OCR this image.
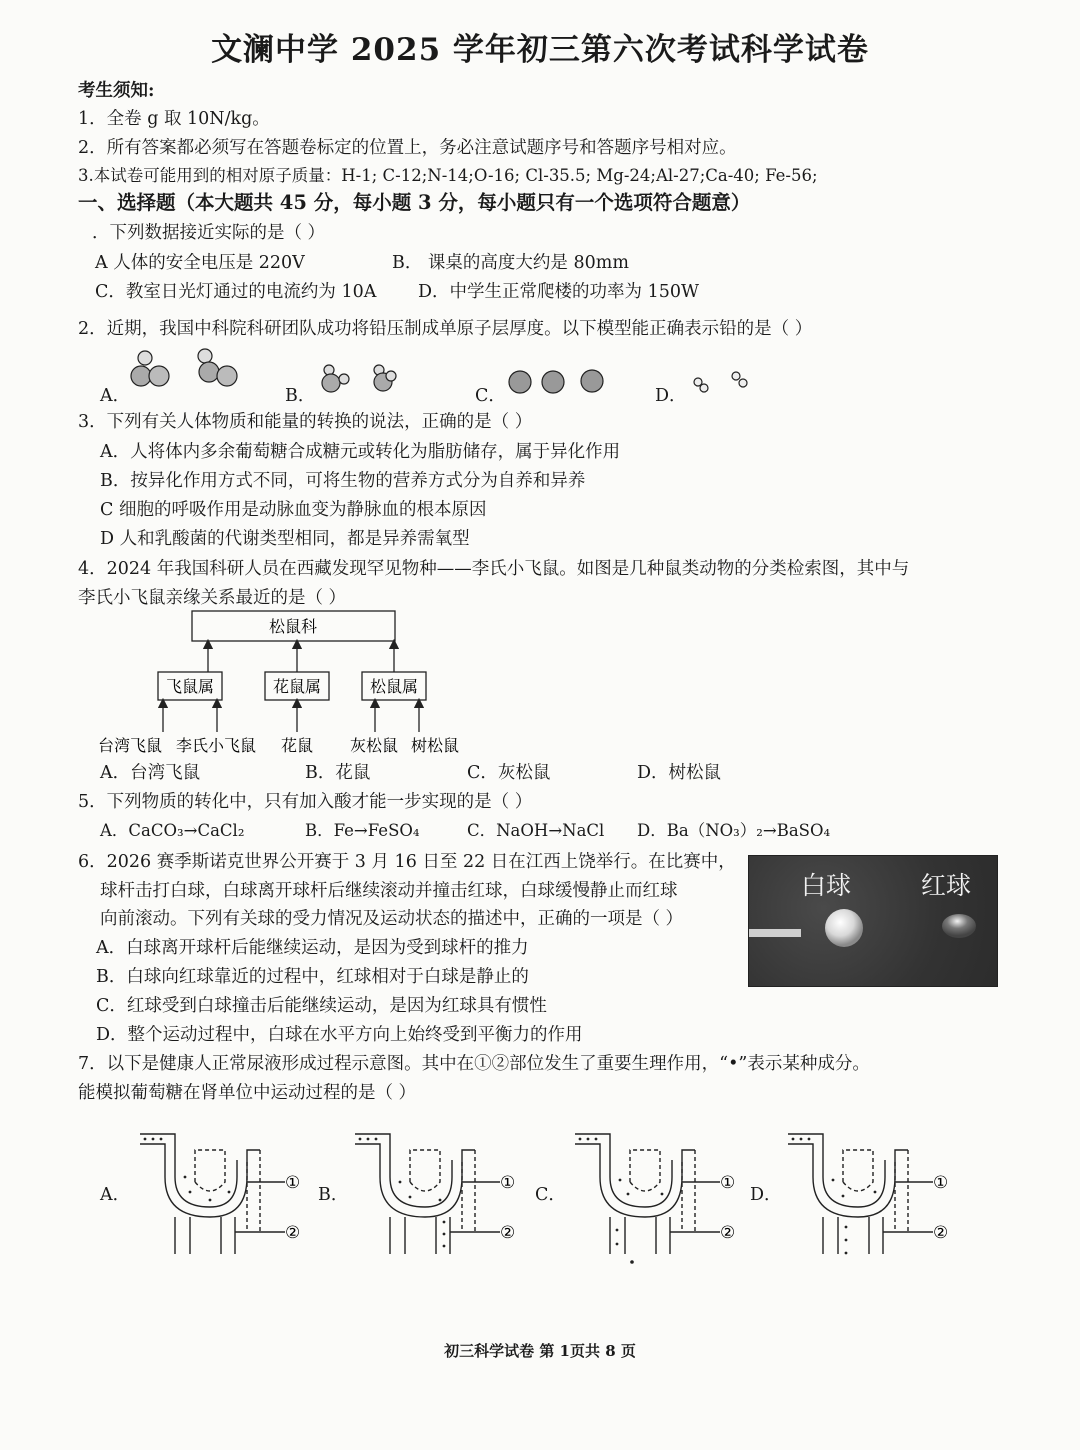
文澜中学 2025 学年初三第六次考试科学试卷
考生须知:
1．全卷 g 取 10N/kg。
2．所有答案都必须写在答题卷标定的位置上，务必注意试题序号和答题序号相对应。
3.本试卷可能用到的相对原子质量：H-1; C-12;N-14;O-16; Cl-35.5; Mg-24;Al-27;Ca-40; Fe-56;
一、选择题（本大题共 45 分，每小题 3 分，每小题只有一个选项符合题意）
．下列数据接近实际的是（ ）
A 人体的安全电压是 220V	B． 课桌的高度大约是 80mm
C．教室日光灯通过的电流约为 10A D．中学生正常爬楼的功率为 150W
2．近期，我国中科院科研团队成功将铅压制成单原子层厚度。以下模型能正确表示铅的是（ ）
A．	B．	C．	D．
3．下列有关人体物质和能量的转换的说法，正确的是（ ）
A．人将体内多余葡萄糖合成糖元或转化为脂肪储存，属于异化作用
B．按异化作用方式不同，可将生物的营养方式分为自养和异养
C 细胞的呼吸作用是动脉血变为静脉血的根本原因
D 人和乳酸菌的代谢类型相同，都是异养需氧型
4．2024 年我国科研人员在西藏发现罕见物种——李氏小飞鼠。如图是几种鼠类动物的分类检索图，其中与
李氏小飞鼠亲缘关系最近的是（ ）
松鼠科
飞鼠属	花鼠属	松鼠属
台湾飞鼠 李氏小飞鼠 花鼠 灰松鼠 树松鼠
A．台湾飞鼠	B．花鼠	C．灰松鼠	D．树松鼠
5．下列物质的转化中，只有加入酸才能一步实现的是（ ）
A．CaCO₃→CaCl₂	B．Fe→FeSO₄	C．NaOH→NaCl D．Ba（NO₃）₂→BaSO₄
6．2026 赛季斯诺克世界公开赛于 3 月 16 日至 22 日在江西上饶举行。在比赛中，
球杆击打白球，白球离开球杆后继续滚动并撞击红球，白球缓慢静止而红球
向前滚动。下列有关球的受力情况及运动状态的描述中，正确的一项是（ ）
白球	红球
A．白球离开球杆后能继续运动，是因为受到球杆的推力
B．白球向红球靠近的过程中，红球相对于白球是静止的
C．红球受到白球撞击后能继续运动，是因为红球具有惯性
D．整个运动过程中，白球在水平方向上始终受到平衡力的作用
7．以下是健康人正常尿液形成过程示意图。其中在①②部位发生了重要生理作用，“•”表示某种成分。
能模拟葡萄糖在肾单位中运动过程的是（ ）
A．	B．	C．	D．
①
②
①
②
①
②
①
②
初三科学试卷 第 1页共 8 页
